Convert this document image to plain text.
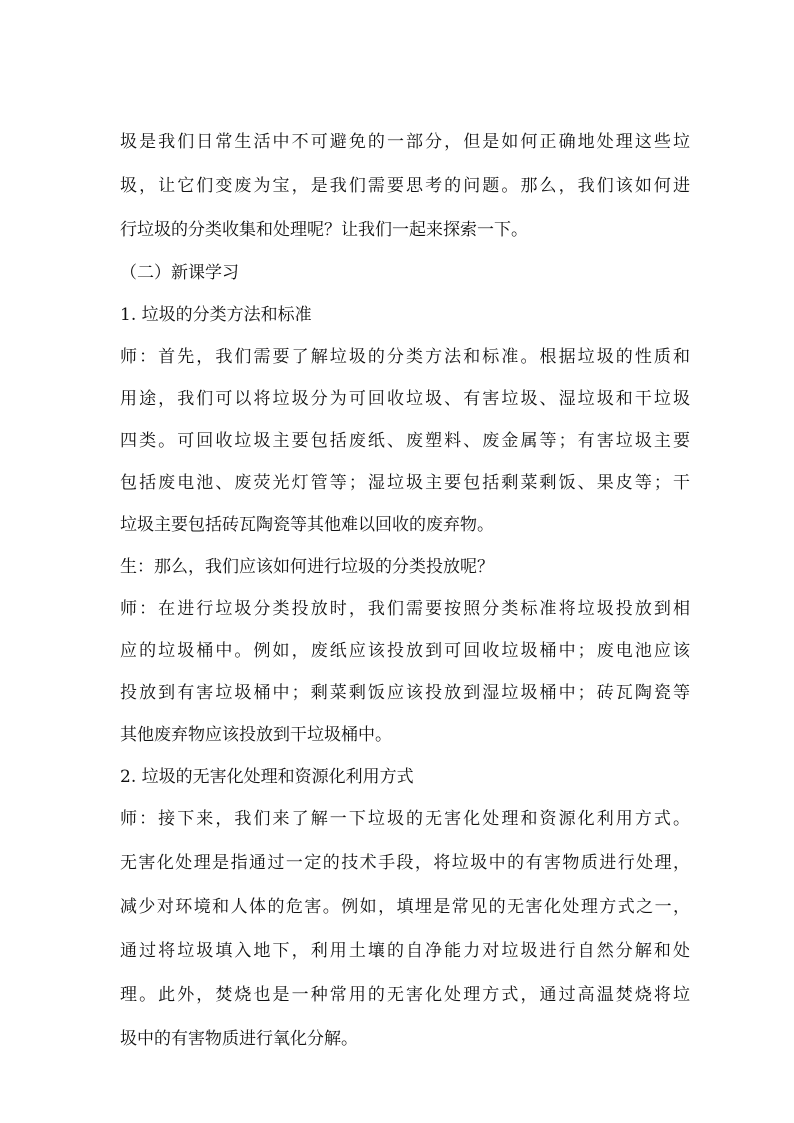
圾是我们日常生活中不可避免的一部分，但是如何正确地处理这些垃
圾，让它们变废为宝，是我们需要思考的问题。那么，我们该如何进
行垃圾的分类收集和处理呢？让我们一起来探索一下。
（二）新课学习
1. 垃圾的分类方法和标准
师：首先，我们需要了解垃圾的分类方法和标准。根据垃圾的性质和
用途，我们可以将垃圾分为可回收垃圾、有害垃圾、湿垃圾和干垃圾
四类。可回收垃圾主要包括废纸、废塑料、废金属等；有害垃圾主要
包括废电池、废荧光灯管等；湿垃圾主要包括剩菜剩饭、果皮等；干
垃圾主要包括砖瓦陶瓷等其他难以回收的废弃物。
生：那么，我们应该如何进行垃圾的分类投放呢？
师：在进行垃圾分类投放时，我们需要按照分类标准将垃圾投放到相
应的垃圾桶中。例如，废纸应该投放到可回收垃圾桶中；废电池应该
投放到有害垃圾桶中；剩菜剩饭应该投放到湿垃圾桶中；砖瓦陶瓷等
其他废弃物应该投放到干垃圾桶中。
2. 垃圾的无害化处理和资源化利用方式
师：接下来，我们来了解一下垃圾的无害化处理和资源化利用方式。
无害化处理是指通过一定的技术手段，将垃圾中的有害物质进行处理，
减少对环境和人体的危害。例如，填埋是常见的无害化处理方式之一，
通过将垃圾填入地下，利用土壤的自净能力对垃圾进行自然分解和处
理。此外，焚烧也是一种常用的无害化处理方式，通过高温焚烧将垃
圾中的有害物质进行氧化分解。
